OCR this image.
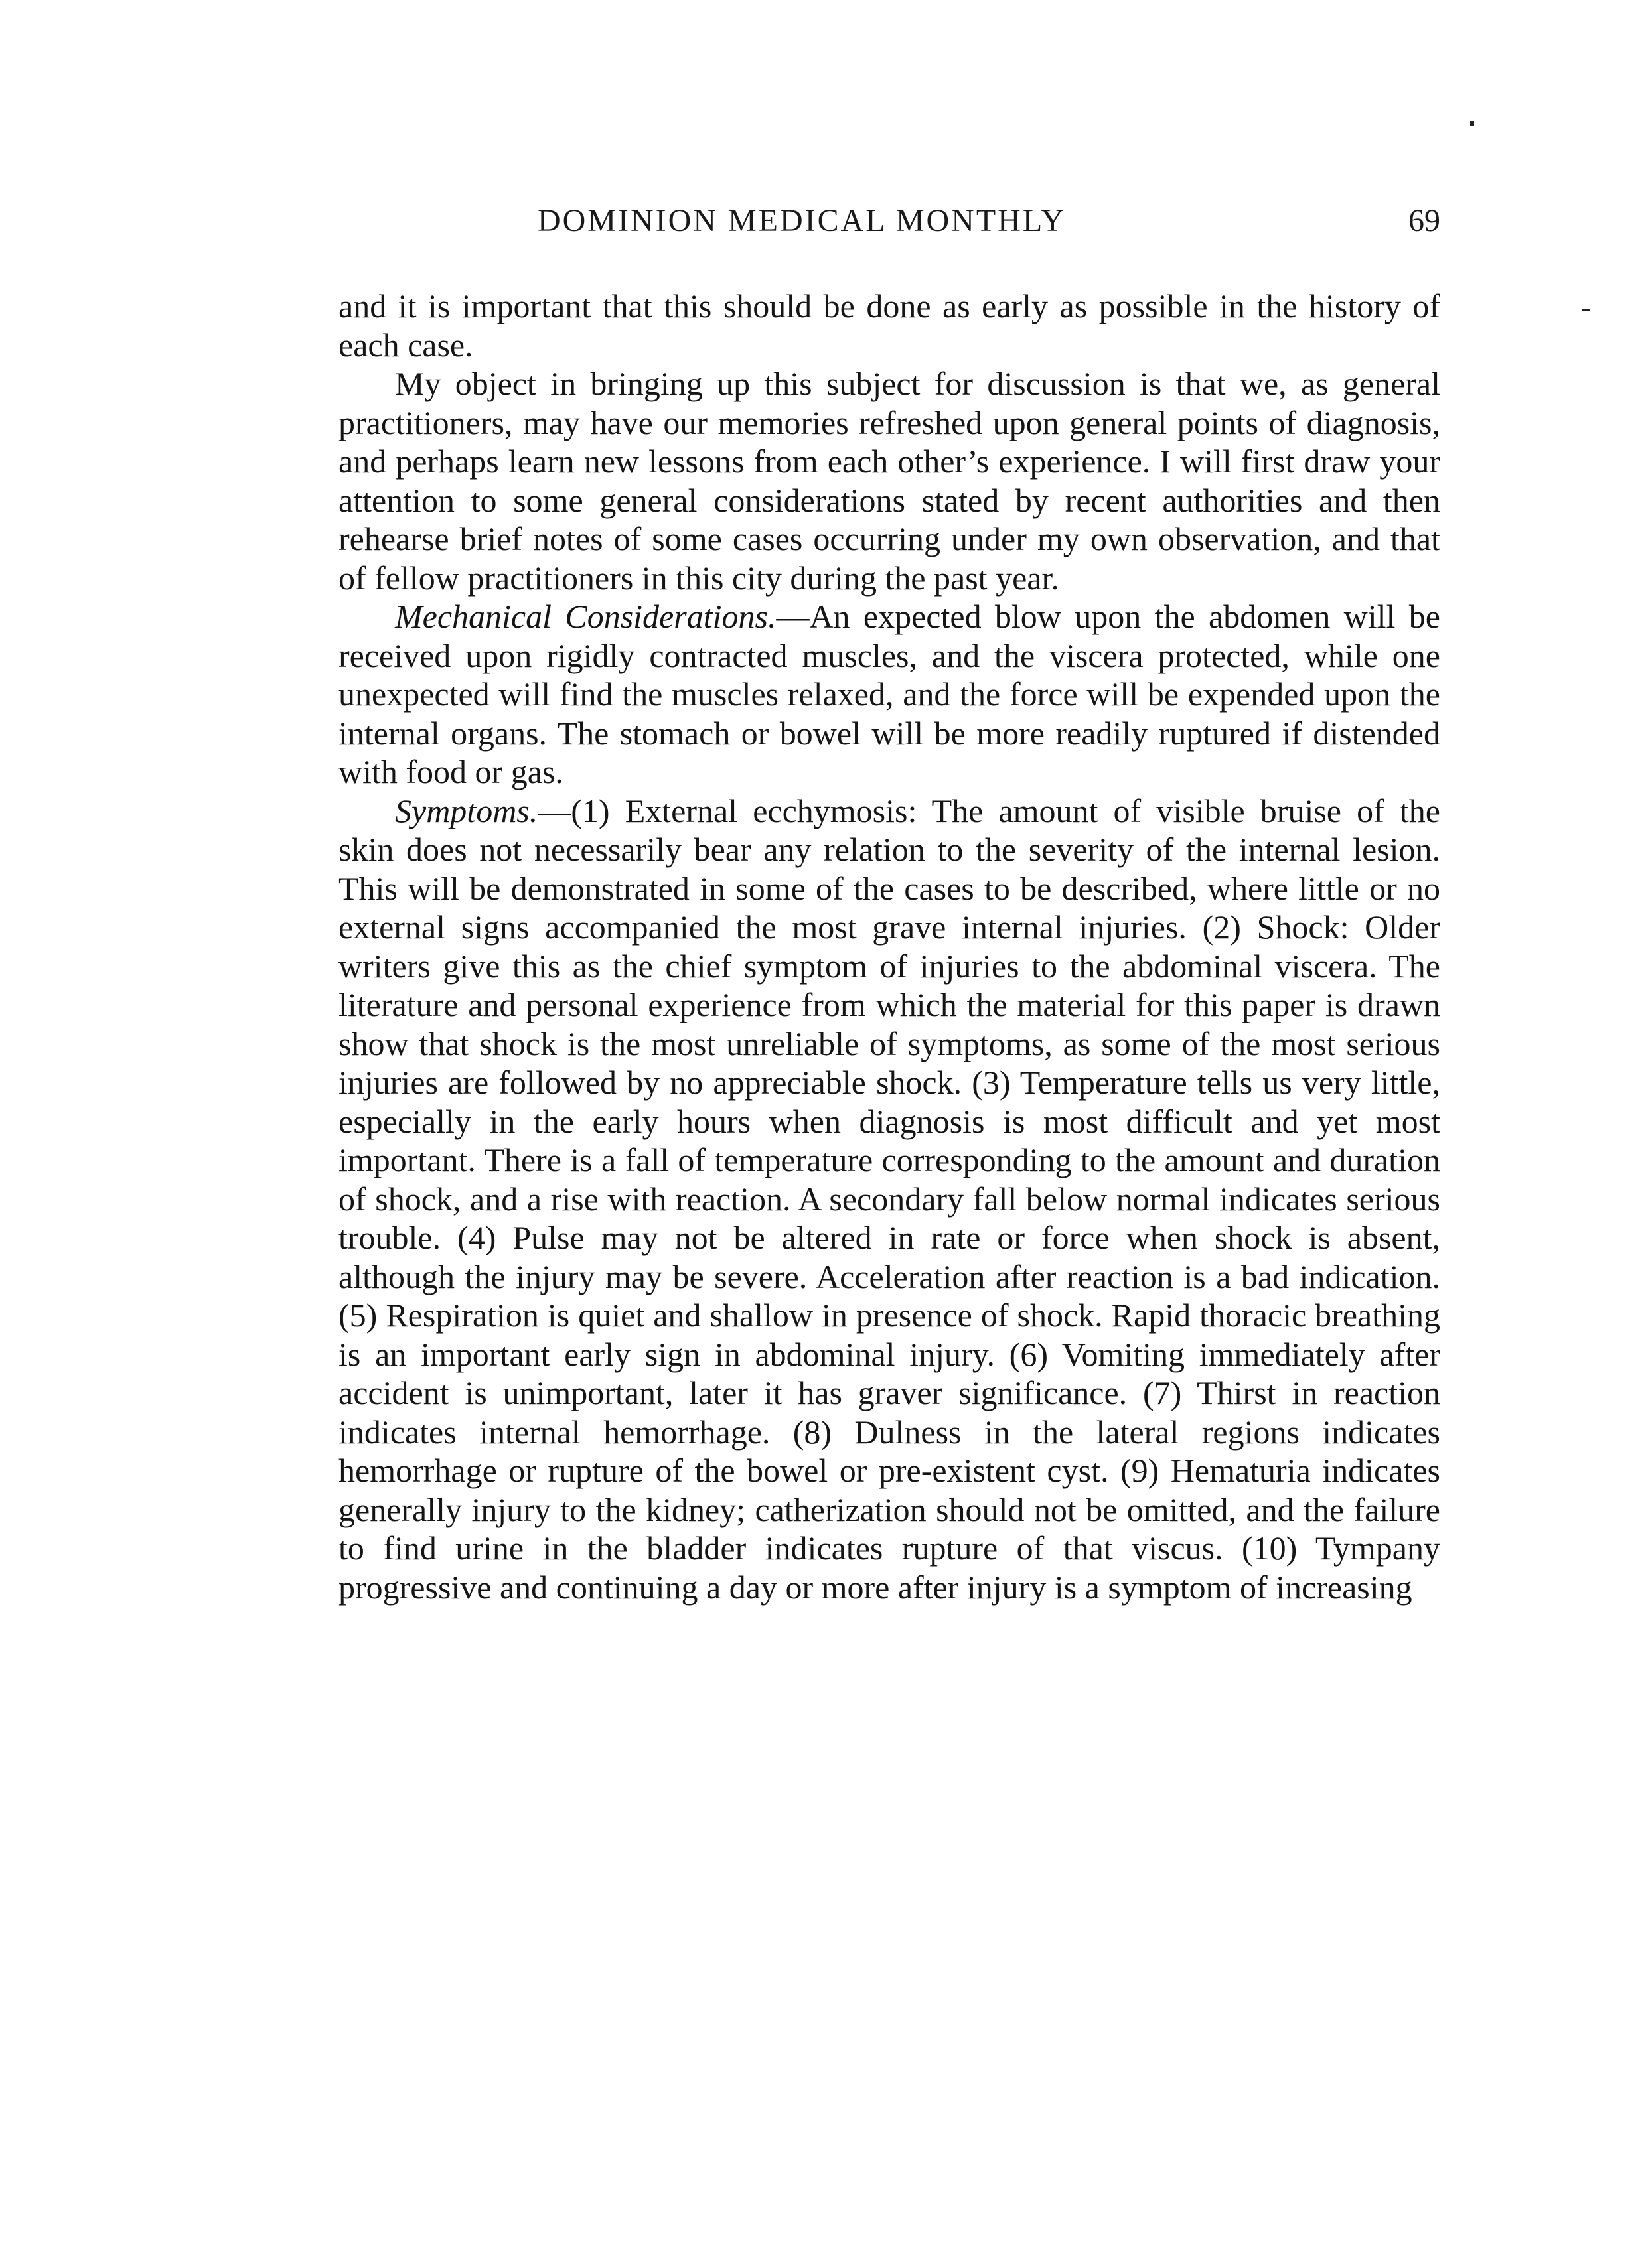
DOMINION MEDICAL MONTHLY	69

and it is important that this should be done as early as possible in the history of each case.

My object in bringing up this subject for discussion is that we, as general practitioners, may have our memories refreshed upon general points of diagnosis, and perhaps learn new lessons from each other’s experience. I will first draw your attention to some general considerations stated by recent authorities and then rehearse brief notes of some cases occurring under my own observation, and that of fellow practitioners in this city during the past year.

Mechanical Considerations.—An expected blow upon the abdomen will be received upon rigidly contracted muscles, and the viscera protected, while one unexpected will find the muscles relaxed, and the force will be expended upon the internal organs. The stomach or bowel will be more readily ruptured if distended with food or gas.

Symptoms.—(1) External ecchymosis: The amount of visible bruise of the skin does not necessarily bear any relation to the severity of the internal lesion. This will be demonstrated in some of the cases to be described, where little or no external signs accompanied the most grave internal injuries. (2) Shock: Older writers give this as the chief symptom of injuries to the abdominal viscera. The literature and personal experience from which the material for this paper is drawn show that shock is the most unreliable of symptoms, as some of the most serious injuries are followed by no appreciable shock. (3) Temperature tells us very little, especially in the early hours when diagnosis is most difficult and yet most important. There is a fall of temperature corresponding to the amount and duration of shock, and a rise with reaction. A secondary fall below normal indicates serious trouble. (4) Pulse may not be altered in rate or force when shock is absent, although the injury may be severe. Acceleration after reaction is a bad indication. (5) Respiration is quiet and shallow in presence of shock. Rapid thoracic breathing is an important early sign in abdominal injury. (6) Vomiting immediately after accident is unimportant, later it has graver significance. (7) Thirst in reaction indicates internal hemorrhage. (8) Dulness in the lateral regions indicates hemorrhage or rupture of the bowel or pre-existent cyst. (9) Hematuria indicates generally injury to the kidney; catherization should not be omitted, and the failure to find urine in the bladder indicates rupture of that viscus. (10) Tympany progressive and continuing a day or more after injury is a symptom of increasing
